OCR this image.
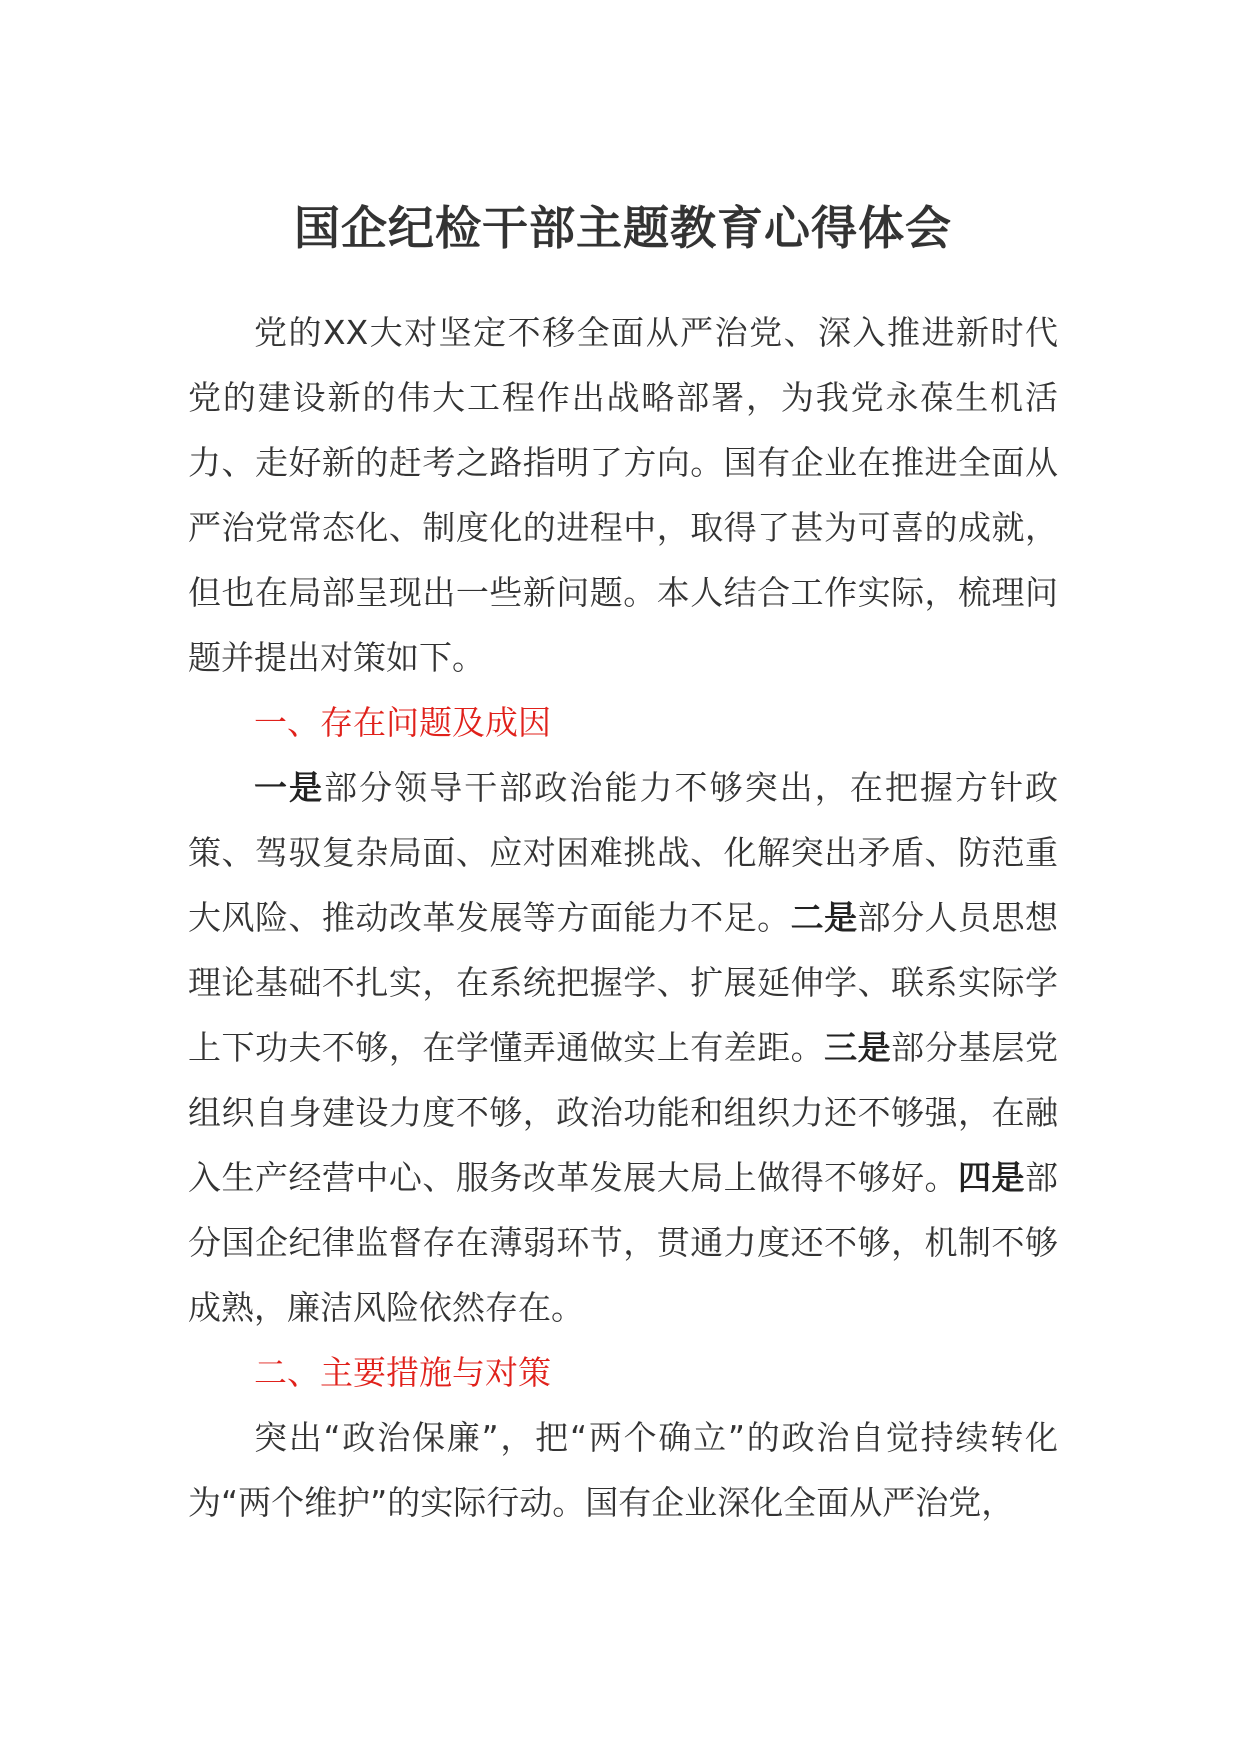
国企纪检干部主题教育心得体会

党的XX大对坚定不移全面从严治党、深入推进新时代党的建设新的伟大工程作出战略部署，为我党永葆生机活力、走好新的赶考之路指明了方向。国有企业在推进全面从严治党常态化、制度化的进程中，取得了甚为可喜的成就，但也在局部呈现出一些新问题。本人结合工作实际，梳理问题并提出对策如下。

一、存在问题及成因

一是部分领导干部政治能力不够突出，在把握方针政策、驾驭复杂局面、应对困难挑战、化解突出矛盾、防范重大风险、推动改革发展等方面能力不足。二是部分人员思想理论基础不扎实，在系统把握学、扩展延伸学、联系实际学上下功夫不够，在学懂弄通做实上有差距。三是部分基层党组织自身建设力度不够，政治功能和组织力还不够强，在融入生产经营中心、服务改革发展大局上做得不够好。四是部分国企纪律监督存在薄弱环节，贯通力度还不够，机制不够成熟，廉洁风险依然存在。

二、主要措施与对策

突出“政治保廉”，把“两个确立”的政治自觉持续转化为“两个维护”的实际行动。国有企业深化全面从严治党，
